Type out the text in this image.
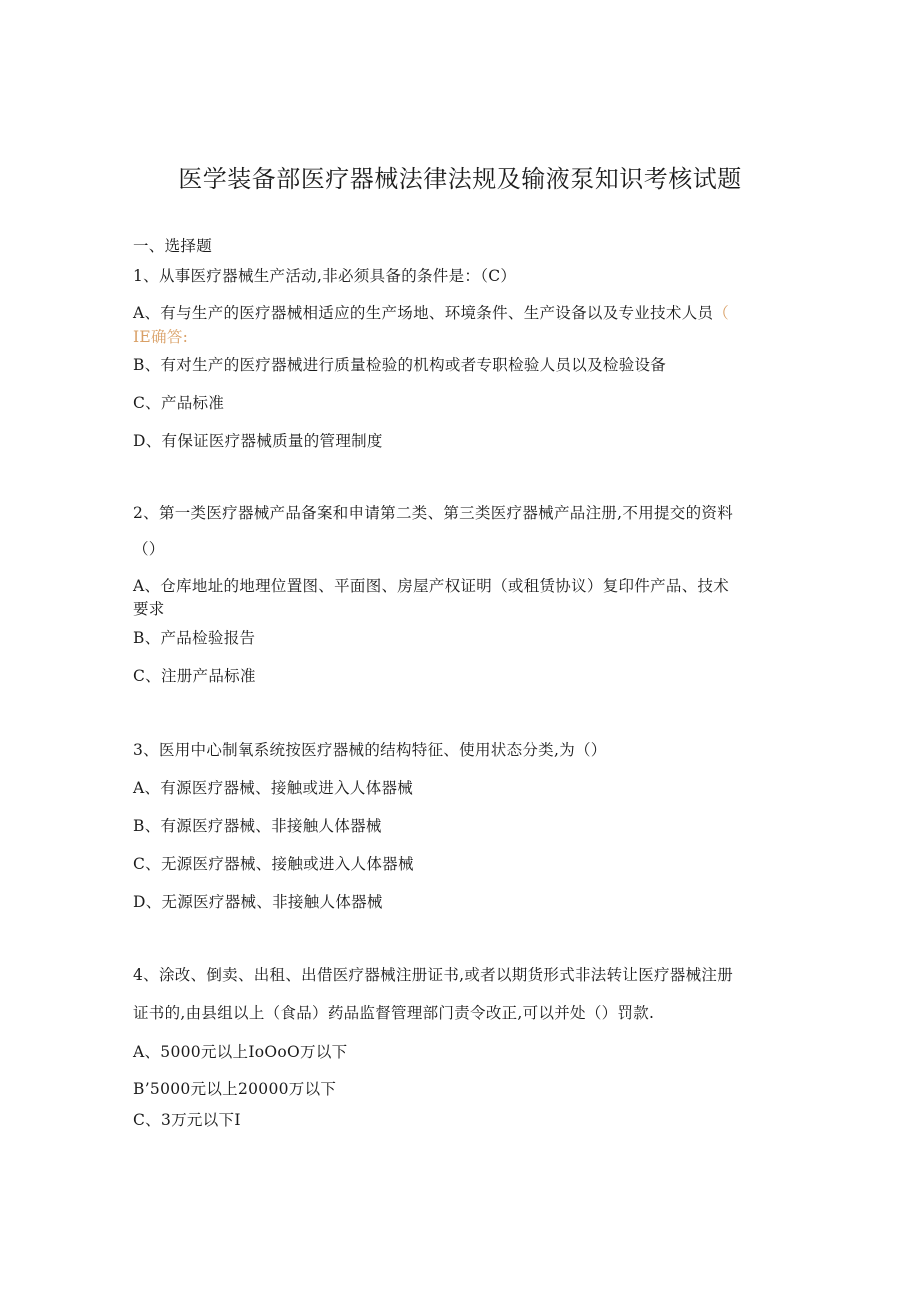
医学装备部医疗器械法律法规及输液泵知识考核试题
一、选择题
1、从事医疗器械生产活动,非必须具备的条件是：（C）
A、有与生产的医疗器械相适应的生产场地、环境条件、生产设备以及专业技术人员（
IE确答:
B、有对生产的医疗器械进行质量检验的机构或者专职检验人员以及检验设备
C、产品标准
D、有保证医疗器械质量的管理制度
2、第一类医疗器械产品备案和申请第二类、第三类医疗器械产品注册,不用提交的资料
（）
A、仓库地址的地理位置图、平面图、房屋产权证明（或租赁协议）复印件产品、技术
要求
B、产品检验报告
C、注册产品标准
3、医用中心制氧系统按医疗器械的结构特征、使用状态分类,为（）
A、有源医疗器械、接触或进入人体器械
B、有源医疗器械、非接触人体器械
C、无源医疗器械、接触或进入人体器械
D、无源医疗器械、非接触人体器械
4、涂改、倒卖、出租、出借医疗器械注册证书,或者以期货形式非法转让医疗器械注册
证书的,由县组以上（食品）药品监督管理部门责令改正,可以并处（）罚款.
A、5000元以上IoOoO万以下
B’5000元以上20000万以下
C、3万元以下I
